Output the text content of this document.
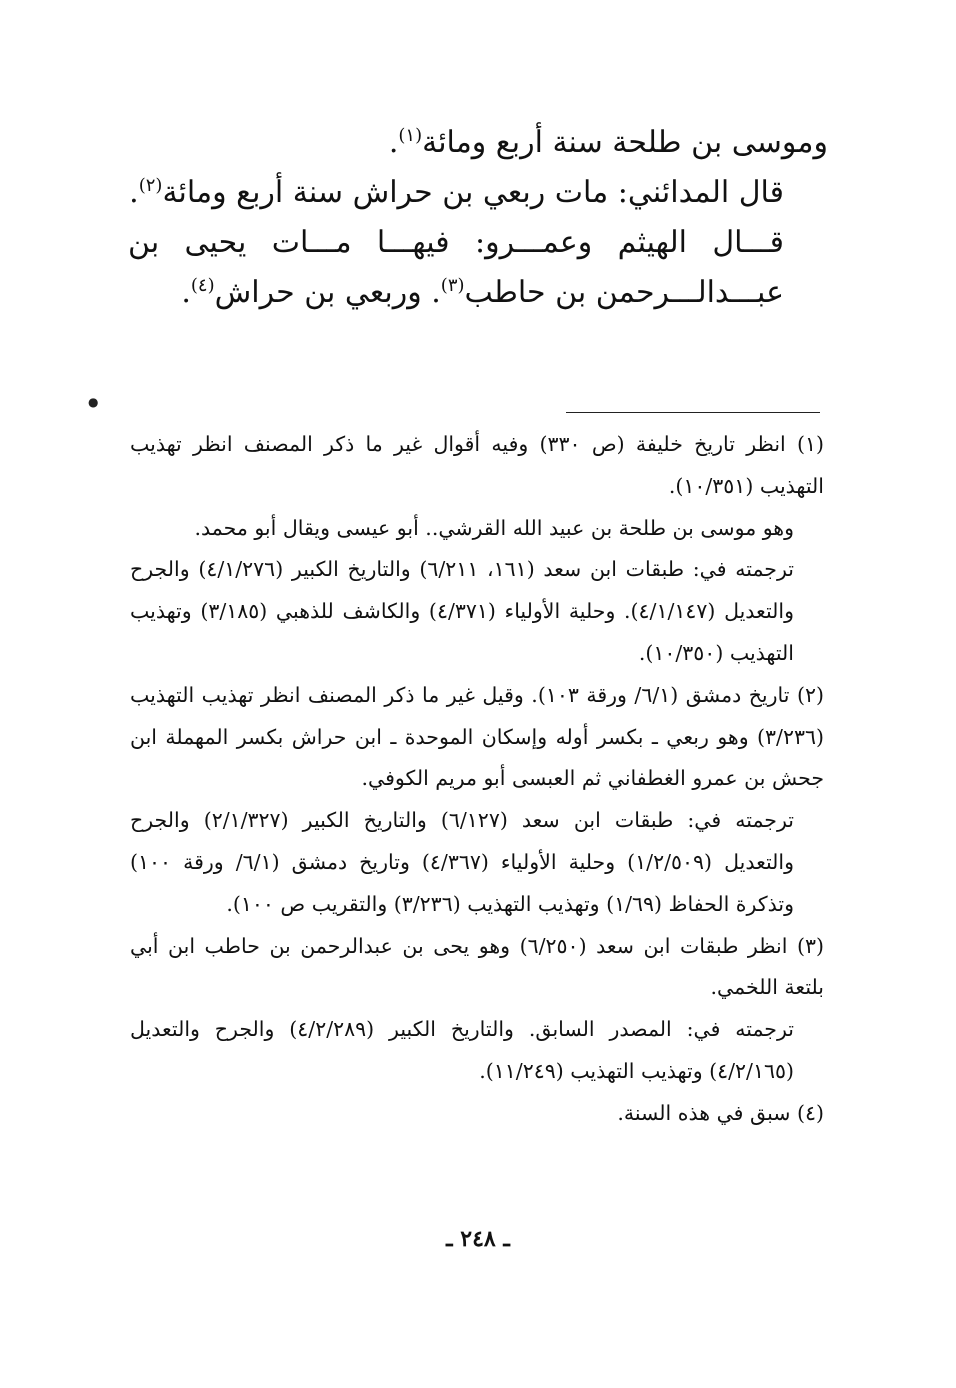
وموسى بن طلحة سنة أربع ومائة$^{(١)}$.

قال المدائني: مات ربعي بن حراش سنة أربع ومائة$^{(٢)}$.

قـــال الهيثم وعمـــرو: فيهـــا مـــات يحيى بن عبـــدالـــرحمن بن حاطب$^{(٣)}$. وربعي بن حراش$^{(٤)}$.

●

(١) انظر تاريخ خليفة (ص ٣٣٠) وفيه أقوال غير ما ذكر المصنف انظر تهذيب التهذيب (١٠/٣٥١).

وهو موسى بن طلحة بن عبيد الله القرشي.. أبو عيسى ويقال أبو محمد.

ترجمته في: طبقات ابن سعد (١٦١، ٦/٢١١) والتاريخ الكبير (٤/١/٢٧٦) والجرح والتعديل (٤/١/١٤٧). وحلية الأولياء (٤/٣٧١) والكاشف للذهبي (٣/١٨٥) وتهذيب التهذيب (١٠/٣٥٠).

(٢) تاريخ دمشق (٦/١/ ورقة ١٠٣). وقيل غير ما ذكر المصنف انظر تهذيب التهذيب (٣/٢٣٦) وهو ربعي ـ بكسر أوله وإسكان الموحدة ـ ابن حراش بكسر المهملة ابن جحش بن عمرو الغطفاني ثم العبسى أبو مريم الكوفي.

ترجمته في: طبقات ابن سعد (٦/١٢٧) والتاريخ الكبير (٢/١/٣٢٧) والجرح والتعديل (١/٢/٥٠٩) وحلية الأولياء (٤/٣٦٧) وتاريخ دمشق (٦/١/ ورقة ١٠٠) وتذكرة الحفاظ (١/٦٩) وتهذيب التهذيب (٣/٢٣٦) والتقريب ص ١٠٠).

(٣) انظر طبقات ابن سعد (٦/٢٥٠) وهو يحى بن عبدالرحمن بن حاطب ابن أبي بلتعة اللخمي.

ترجمته في: المصدر السابق. والتاريخ الكبير (٤/٢/٢٨٩) والجرح والتعديل (٤/٢/١٦٥) وتهذيب التهذيب (١١/٢٤٩).

(٤) سبق في هذه السنة.

ـ ٢٤٨ ـ
